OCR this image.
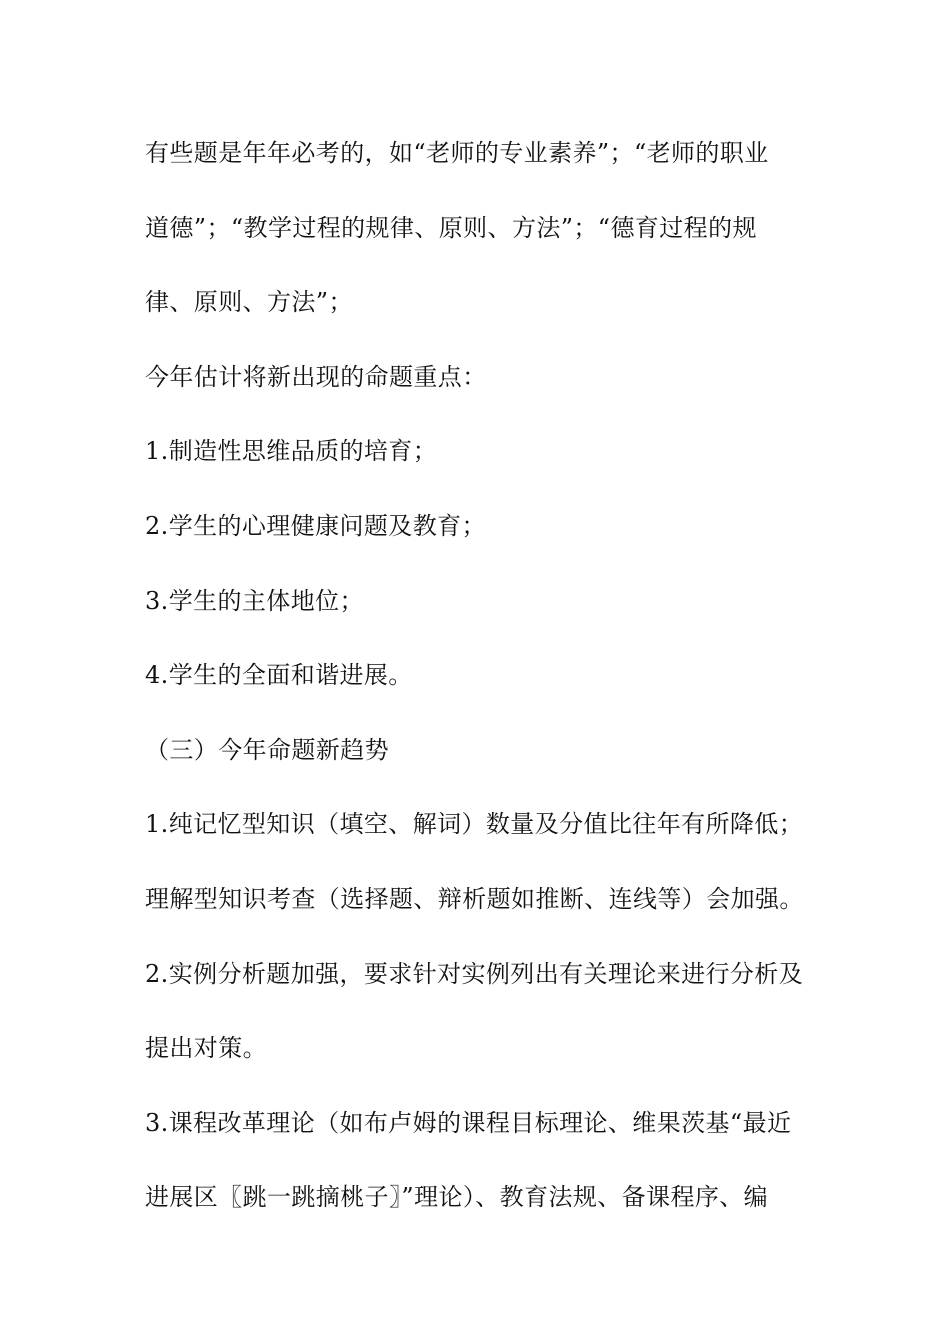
有些题是年年必考的，如“老师的专业素养”；“老师的职业
道德”；“教学过程的规律、原则、方法”；“德育过程的规
律、原则、方法”；
今年估计将新出现的命题重点：
1.制造性思维品质的培育；
2.学生的心理健康问题及教育；
3.学生的主体地位；
4.学生的全面和谐进展。
（三）今年命题新趋势
1.纯记忆型知识（填空、解词）数量及分值比往年有所降低；
理解型知识考查（选择题、辩析题如推断、连线等）会加强。
2.实例分析题加强，要求针对实例列出有关理论来进行分析及
提出对策。
3.课程改革理论（如布卢姆的课程目标理论、维果茨基“最近
进展区〖跳一跳摘桃子〗”理论）、教育法规、备课程序、编
